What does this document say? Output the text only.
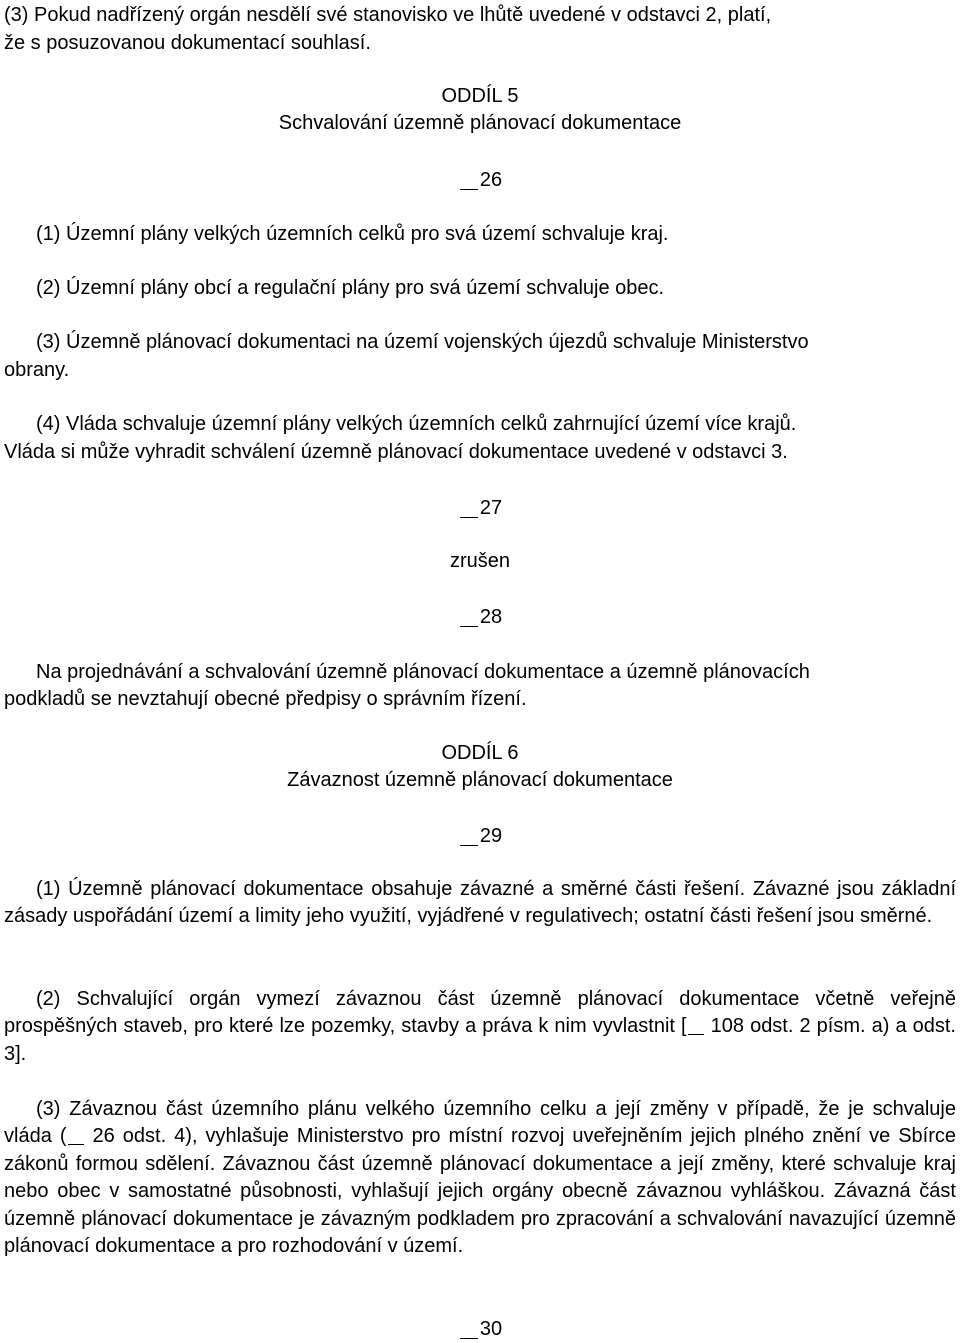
(3) Pokud nadřízený orgán nesdělí své stanovisko ve lhůtě uvedené v odstavci 2, platí,
že s posuzovanou dokumentací souhlasí.
ODDÍL 5
Schvalování územně plánovací dokumentace
26
(1) Územní plány velkých územních celků pro svá území schvaluje kraj.
(2) Územní plány obcí a regulační plány pro svá území schvaluje obec.
(3) Územně plánovací dokumentaci na území vojenských újezdů schvaluje Ministerstvo
obrany.
(4) Vláda schvaluje územní plány velkých územních celků zahrnující území více krajů.
Vláda si může vyhradit schválení územně plánovací dokumentace uvedené v odstavci 3.
27
zrušen
28
Na projednávání a schvalování územně plánovací dokumentace a územně plánovacích
podkladů se nevztahují obecné předpisy o správním řízení.
ODDÍL 6
Závaznost územně plánovací dokumentace
29
(1) Územně plánovací dokumentace obsahuje závazné a směrné části řešení. Závazné jsou základní zásady uspořádání území a limity jeho využití, vyjádřené v regulativech; ostatní části řešení jsou směrné.
(2) Schvalující orgán vymezí závaznou část územně plánovací dokumentace včetně veřejně prospěšných staveb, pro které lze pozemky, stavby a práva k nim vyvlastnit [ 108 odst. 2 písm. a) a odst. 3].
(3) Závaznou část územního plánu velkého územního celku a její změny v případě, že je schvaluje vláda ( 26 odst. 4), vyhlašuje Ministerstvo pro místní rozvoj uveřejněním jejich plného znění ve Sbírce zákonů formou sdělení. Závaznou část územně plánovací dokumentace a její změny, které schvaluje kraj nebo obec v samostatné působnosti, vyhlašují jejich orgány obecně závaznou vyhláškou. Závazná část územně plánovací dokumentace je závazným podkladem pro zpracování a schvalování navazující územně plánovací dokumentace a pro rozhodování v území.
30
